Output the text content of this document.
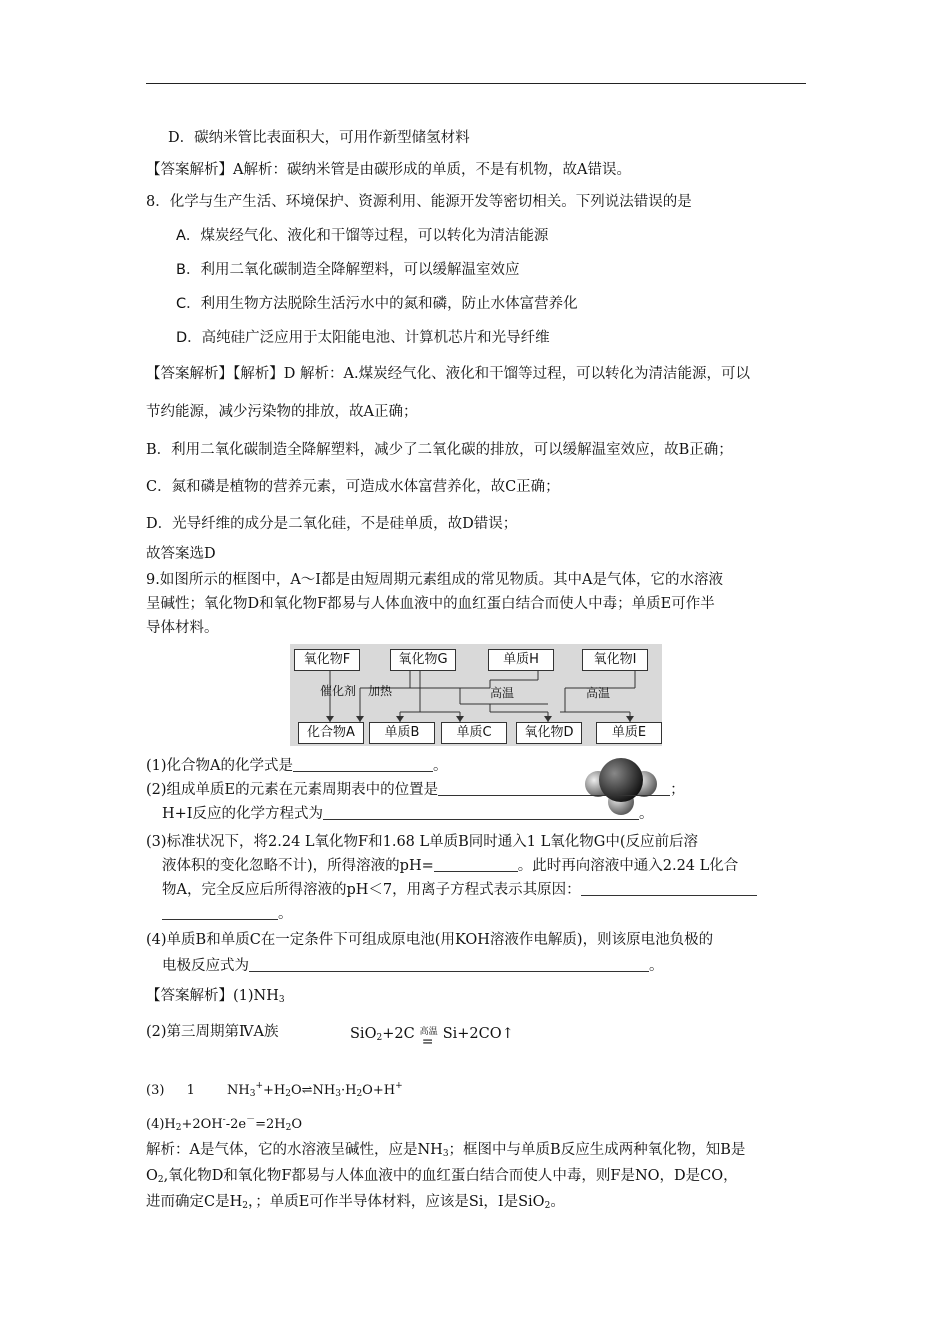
D．碳纳米管比表面积大，可用作新型储氢材料
【答案解析】A解析：碳纳米管是由碳形成的单质，不是有机物，故A错误。
8．化学与生产生活、环境保护、资源利用、能源开发等密切相关。下列说法错误的是
A．煤炭经气化、液化和干馏等过程，可以转化为清洁能源
B．利用二氧化碳制造全降解塑料，可以缓解温室效应
C．利用生物方法脱除生活污水中的氮和磷，防止水体富营养化
D．高纯硅广泛应用于太阳能电池、计算机芯片和光导纤维
【答案解析】【解析】D 解析：A.煤炭经气化、液化和干馏等过程，可以转化为清洁能源，可以
节约能源，减少污染物的排放，故A正确；
B．利用二氧化碳制造全降解塑料，减少了二氧化碳的排放，可以缓解温室效应，故B正确；
C．氮和磷是植物的营养元素，可造成水体富营养化，故C正确；
D．光导纤维的成分是二氧化硅，不是硅单质，故D错误；
故答案选D
9.如图所示的框图中，A～I都是由短周期元素组成的常见物质。其中A是气体，它的水溶液
呈碱性；氧化物D和氧化物F都易与人体血液中的血红蛋白结合而使人中毒；单质E可作半
导体材料。
氧化物F	氧化物G	单质H	氧化物I
催化剂 加热	高温	高温
化合物A	单质B	单质C	氧化物D	单质E
(1)化合物A的化学式是	。
(2)组成单质E的元素在元素周期表中的位置是	；
H+I反应的化学方程式为	。
(3)标准状况下，将2.24 L氧化物F和1.68 L单质B同时通入1 L氧化物G中(反应前后溶
液体积的变化忽略不计)，所得溶液的pH=	。此时再向溶液中通入2.24 L化合
物A，完全反应后所得溶液的pH＜7，用离子方程式表示其原因：
。
(4)单质B和单质C在一定条件下可组成原电池(用KOH溶液作电解质)，则该原电池负极的
电极反应式为	。
【答案解析】$(1)NH_3$
(2)第三周期第ⅣA族	SiO$_2$+2C 高温
= Si+2CO↑
(3) 1 $NH_3^++H_2O\rightleftharpoons NH_3\cdot H_2O+H^+$
$(4)H_2+2OH^--2e^-=2H_2O$
解析：A是气体，它的水溶液呈碱性，应是$NH_3$；框图中与单质B反应生成两种氧化物，知B是
$O_2$,氧化物D和氧化物F都易与人体血液中的血红蛋白结合而使人中毒，则F是NO，D是CO，
进而确定C是$H_2$，；单质E可作半导体材料，应该是Si，I是SiO$_2$。
